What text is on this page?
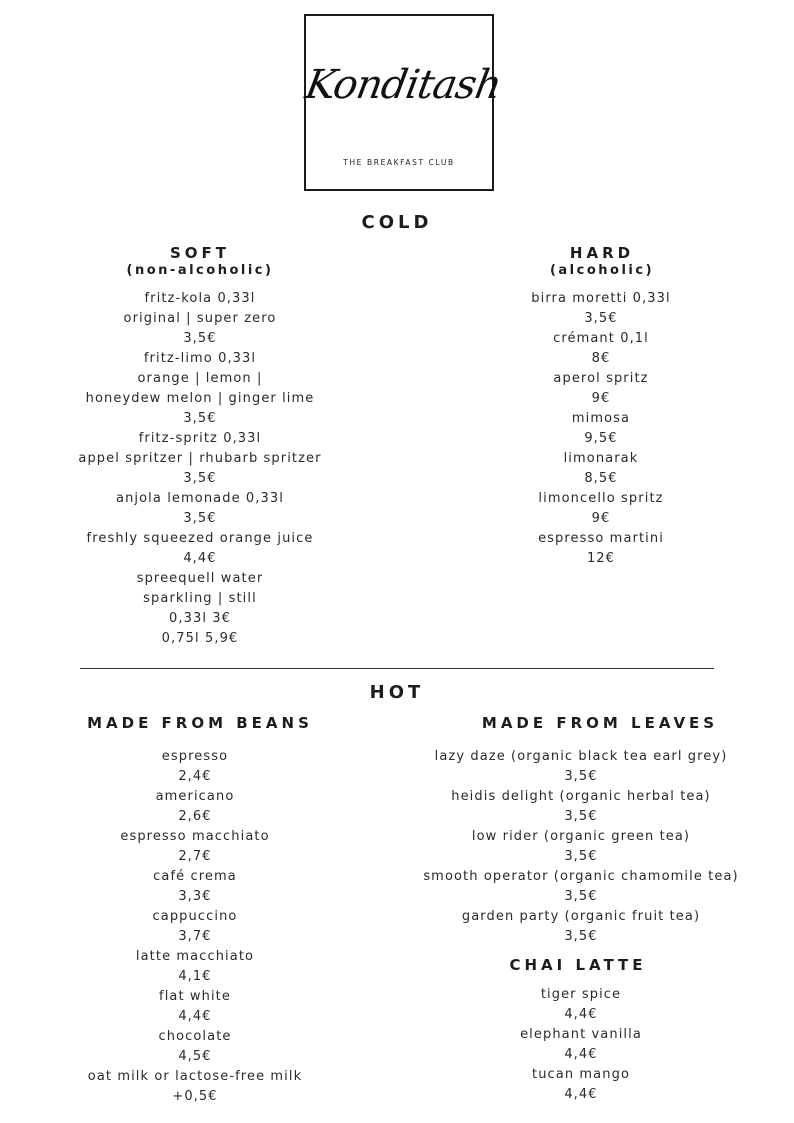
Konditash
THE BREAKFAST CLUB
COLD
SOFT
(non-alcoholic)
fritz-kola 0,33l
original | super zero
3,5€
fritz-limo 0,33l
orange | lemon |
honeydew melon | ginger lime
3,5€
fritz-spritz 0,33l
appel spritzer | rhubarb spritzer
3,5€
anjola lemonade 0,33l
3,5€
freshly squeezed orange juice
4,4€
spreequell water
sparkling | still
0,33l 3€
0,75l 5,9€
HARD
(alcoholic)
birra moretti 0,33l
3,5€
crémant 0,1l
8€
aperol spritz
9€
mimosa
9,5€
limonarak
8,5€
limoncello spritz
9€
espresso martini
12€
HOT
MADE FROM BEANS
espresso
2,4€
americano
2,6€
espresso macchiato
2,7€
café crema
3,3€
cappuccino
3,7€
latte macchiato
4,1€
flat white
4,4€
chocolate
4,5€
oat milk or lactose-free milk
+0,5€
MADE FROM LEAVES
lazy daze (organic black tea earl grey)
3,5€
heidis delight (organic herbal tea)
3,5€
low rider (organic green tea)
3,5€
smooth operator (organic chamomile tea)
3,5€
garden party (organic fruit tea)
3,5€
CHAI LATTE
tiger spice
4,4€
elephant vanilla
4,4€
tucan mango
4,4€
